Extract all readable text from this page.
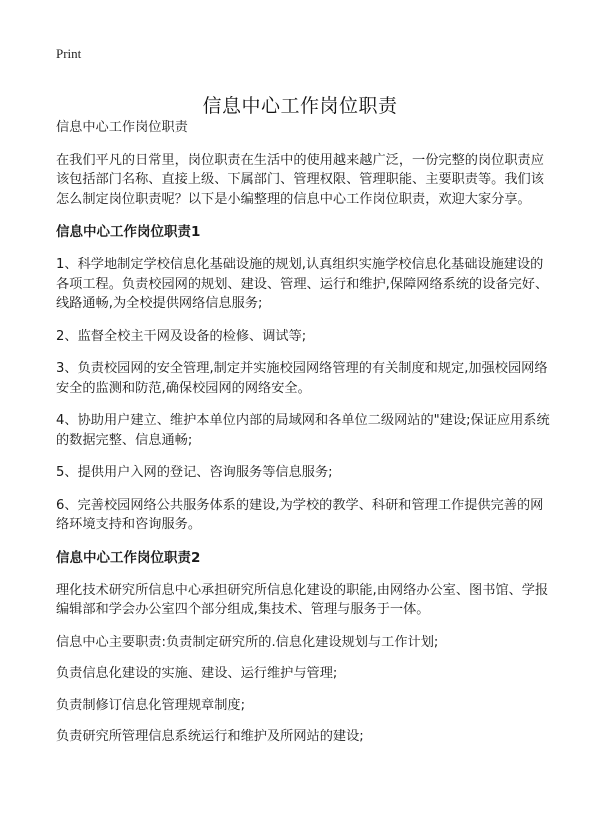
Print
信息中心工作岗位职责

信息中心工作岗位职责

在我们平凡的日常里，岗位职责在生活中的使用越来越广泛，一份完整的岗位职责应该包括部门名称、直接上级、下属部门、管理权限、管理职能、主要职责等。我们该怎么制定岗位职责呢？以下是小编整理的信息中心工作岗位职责，欢迎大家分享。

信息中心工作岗位职责1

1、科学地制定学校信息化基础设施的规划,认真组织实施学校信息化基础设施建设的各项工程。负责校园网的规划、建设、管理、运行和维护,保障网络系统的设备完好、线路通畅,为全校提供网络信息服务;

2、监督全校主干网及设备的检修、调试等;

3、负责校园网的安全管理,制定并实施校园网络管理的有关制度和规定,加强校园网络安全的监测和防范,确保校园网的网络安全。

4、协助用户建立、维护本单位内部的局域网和各单位二级网站的"建设;保证应用系统的数据完整、信息通畅;

5、提供用户入网的登记、咨询服务等信息服务;

6、完善校园网络公共服务体系的建设,为学校的教学、科研和管理工作提供完善的网络环境支持和咨询服务。

信息中心工作岗位职责2

理化技术研究所信息中心承担研究所信息化建设的职能,由网络办公室、图书馆、学报编辑部和学会办公室四个部分组成,集技术、管理与服务于一体。

信息中心主要职责:负责制定研究所的.信息化建设规划与工作计划;

负责信息化建设的实施、建设、运行维护与管理;

负责制修订信息化管理规章制度;

负责研究所管理信息系统运行和维护及所网站的建设;
